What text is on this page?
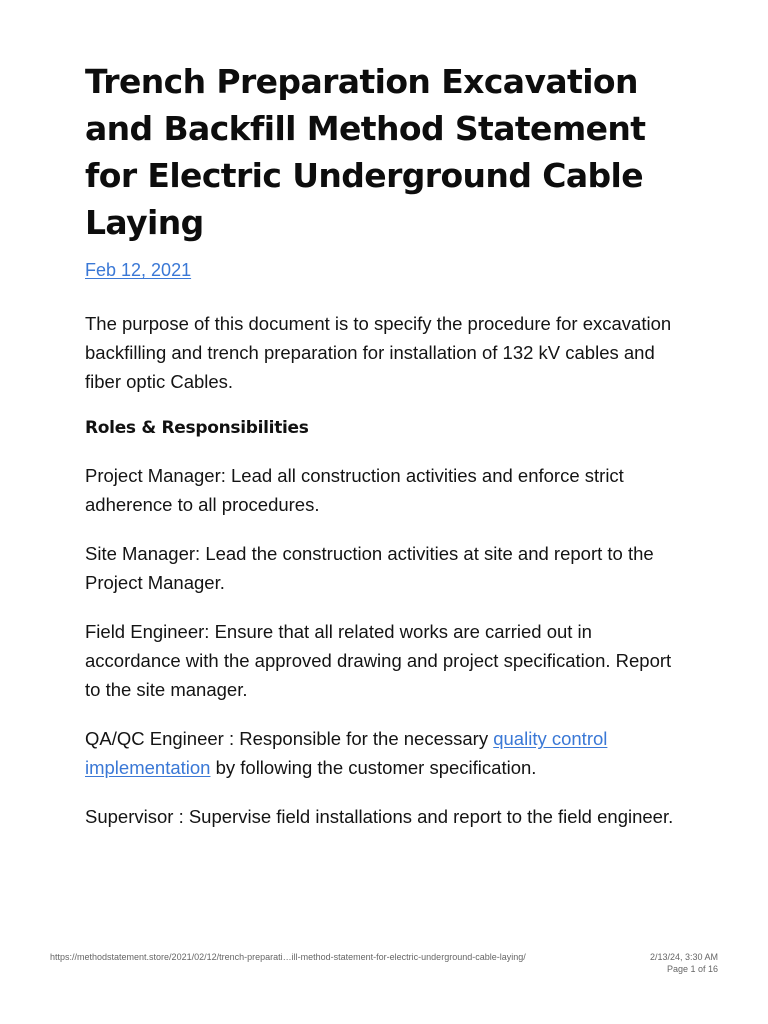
Trench Preparation Excavation and Backfill Method Statement for Electric Underground Cable Laying
Feb 12, 2021

The purpose of this document is to specify the procedure for excavation backfilling and trench preparation for installation of 132 kV cables and fiber optic Cables.

Roles & Responsibilities

Project Manager: Lead all construction activities and enforce strict adherence to all procedures.

Site Manager: Lead the construction activities at site and report to the Project Manager.

Field Engineer: Ensure that all related works are carried out in accordance with the approved drawing and project specification. Report to the site manager.

QA/QC Engineer : Responsible for the necessary quality control implementation by following the customer specification.

Supervisor : Supervise field installations and report to the field engineer.

https://methodstatement.store/2021/02/12/trench-preparati…ill-method-statement-for-electric-underground-cable-laying/	2/13/24, 3:30 AM
Page 1 of 16
